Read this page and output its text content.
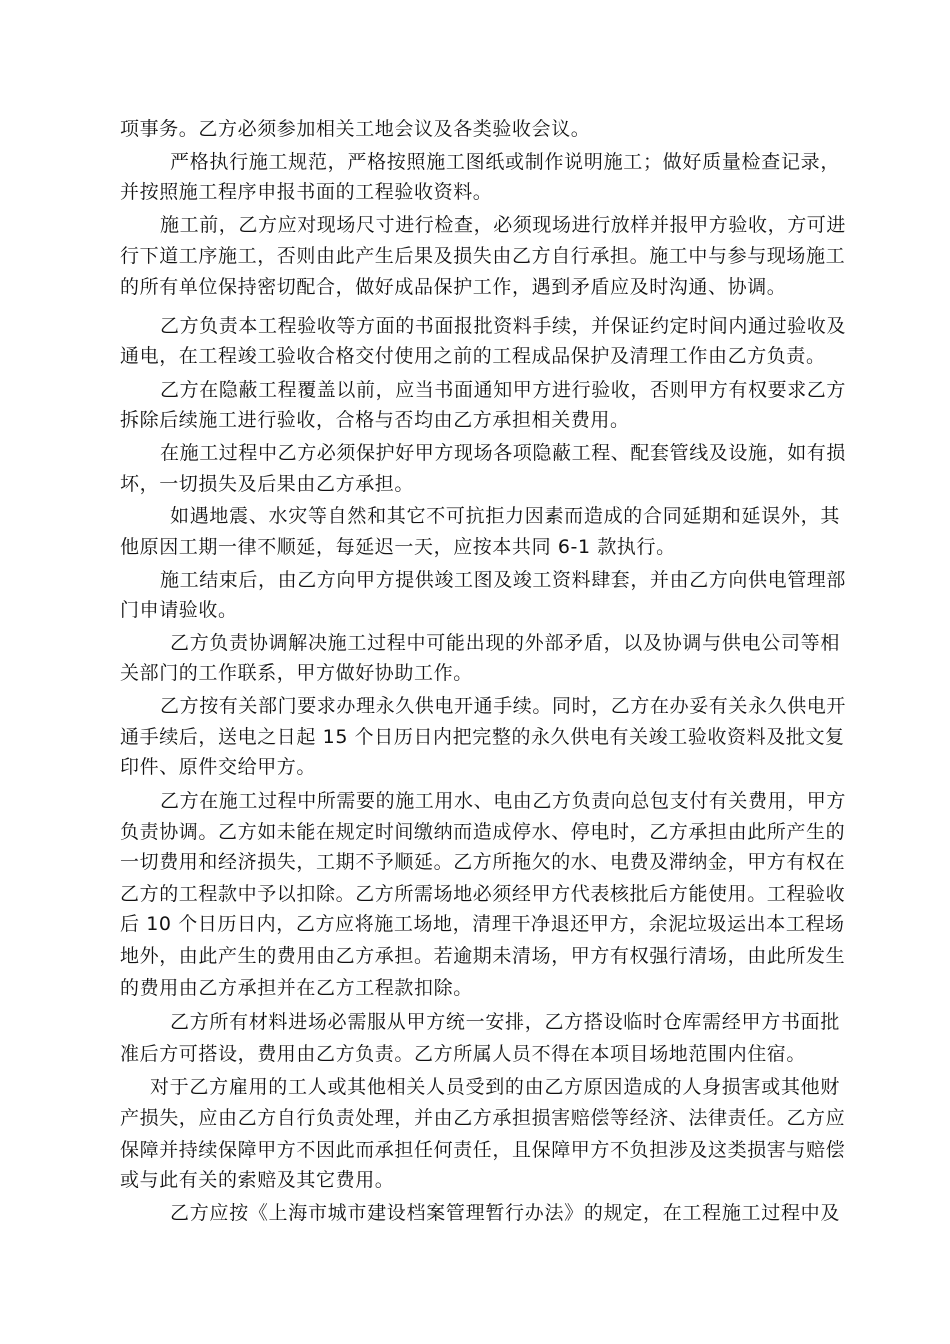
项事务。乙方必须参加相关工地会议及各类验收会议。
严格执行施工规范，严格按照施工图纸或制作说明施工；做好质量检查记录，
并按照施工程序申报书面的工程验收资料。
施工前，乙方应对现场尺寸进行检查，必须现场进行放样并报甲方验收，方可进
行下道工序施工，否则由此产生后果及损失由乙方自行承担。施工中与参与现场施工
的所有单位保持密切配合，做好成品保护工作，遇到矛盾应及时沟通、协调。
乙方负责本工程验收等方面的书面报批资料手续，并保证约定时间内通过验收及
通电，在工程竣工验收合格交付使用之前的工程成品保护及清理工作由乙方负责。
乙方在隐蔽工程覆盖以前，应当书面通知甲方进行验收，否则甲方有权要求乙方
拆除后续施工进行验收，合格与否均由乙方承担相关费用。
在施工过程中乙方必须保护好甲方现场各项隐蔽工程、配套管线及设施，如有损
坏，一切损失及后果由乙方承担。
如遇地震、水灾等自然和其它不可抗拒力因素而造成的合同延期和延误外，其
他原因工期一律不顺延，每延迟一天，应按本共同 6-1 款执行。
施工结束后，由乙方向甲方提供竣工图及竣工资料肆套，并由乙方向供电管理部
门申请验收。
乙方负责协调解决施工过程中可能出现的外部矛盾，以及协调与供电公司等相
关部门的工作联系，甲方做好协助工作。
乙方按有关部门要求办理永久供电开通手续。同时，乙方在办妥有关永久供电开
通手续后，送电之日起 15 个日历日内把完整的永久供电有关竣工验收资料及批文复
印件、原件交给甲方。
乙方在施工过程中所需要的施工用水、电由乙方负责向总包支付有关费用，甲方
负责协调。乙方如未能在规定时间缴纳而造成停水、停电时，乙方承担由此所产生的
一切费用和经济损失，工期不予顺延。乙方所拖欠的水、电费及滞纳金，甲方有权在
乙方的工程款中予以扣除。乙方所需场地必须经甲方代表核批后方能使用。工程验收
后 10 个日历日内，乙方应将施工场地，清理干净退还甲方，余泥垃圾运出本工程场
地外，由此产生的费用由乙方承担。若逾期未清场，甲方有权强行清场，由此所发生
的费用由乙方承担并在乙方工程款扣除。
乙方所有材料进场必需服从甲方统一安排，乙方搭设临时仓库需经甲方书面批
准后方可搭设，费用由乙方负责。乙方所属人员不得在本项目场地范围内住宿。
对于乙方雇用的工人或其他相关人员受到的由乙方原因造成的人身损害或其他财
产损失，应由乙方自行负责处理，并由乙方承担损害赔偿等经济、法律责任。乙方应
保障并持续保障甲方不因此而承担任何责任，且保障甲方不负担涉及这类损害与赔偿
或与此有关的索赔及其它费用。
乙方应按《上海市城市建设档案管理暂行办法》的规定，在工程施工过程中及
